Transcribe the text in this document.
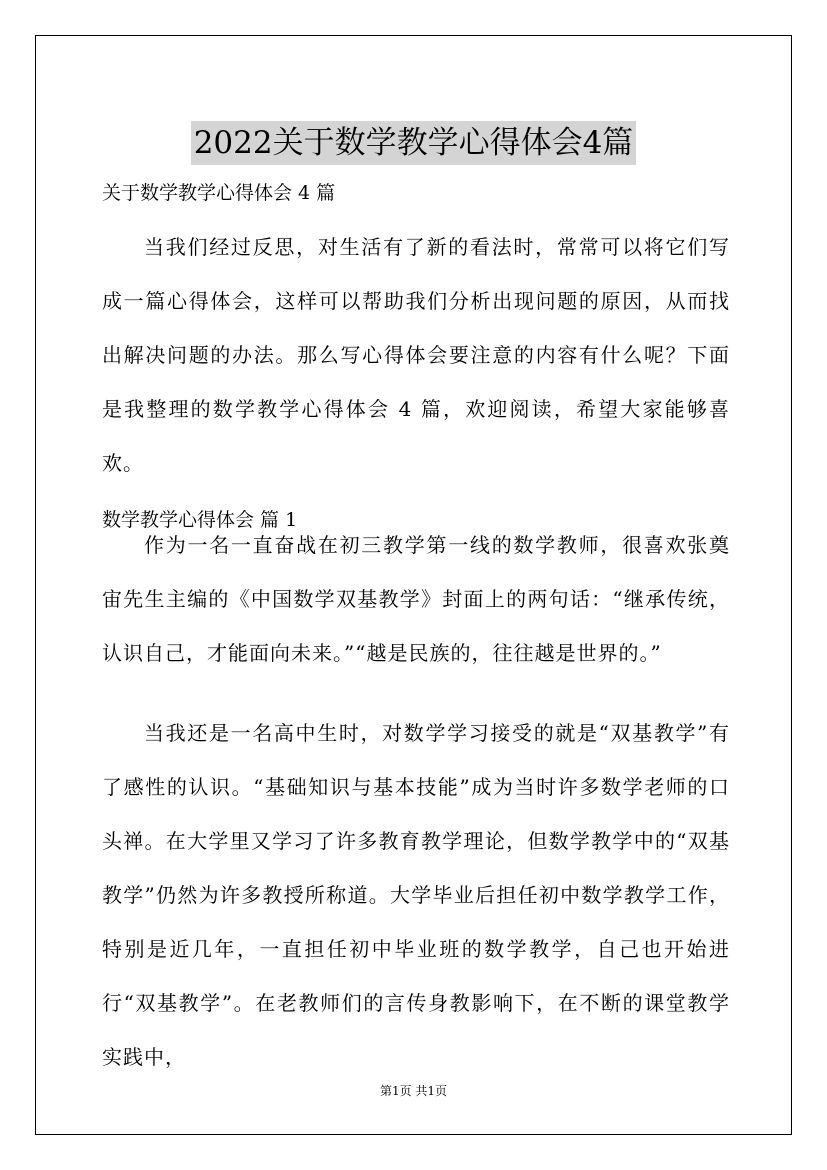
2022关于数学教学心得体会4篇

关于数学教学心得体会 4 篇

当我们经过反思，对生活有了新的看法时，常常可以将它们写成一篇心得体会，这样可以帮助我们分析出现问题的原因，从而找出解决问题的办法。那么写心得体会要注意的内容有什么呢？下面是我整理的数学教学心得体会 4 篇，欢迎阅读，希望大家能够喜欢。

数学教学心得体会 篇 1

作为一名一直奋战在初三教学第一线的数学教师，很喜欢张奠宙先生主编的《中国数学双基教学》封面上的两句话：“继承传统，认识自己，才能面向未来。”“越是民族的，往往越是世界的。”

当我还是一名高中生时，对数学学习接受的就是“双基教学”有了感性的认识。“基础知识与基本技能”成为当时许多数学老师的口头禅。在大学里又学习了许多教育教学理论，但数学教学中的“双基教学”仍然为许多教授所称道。大学毕业后担任初中数学教学工作，特别是近几年，一直担任初中毕业班的数学教学，自己也开始进行“双基教学”。在老教师们的言传身教影响下，在不断的课堂教学实践中，

第1页 共1页
